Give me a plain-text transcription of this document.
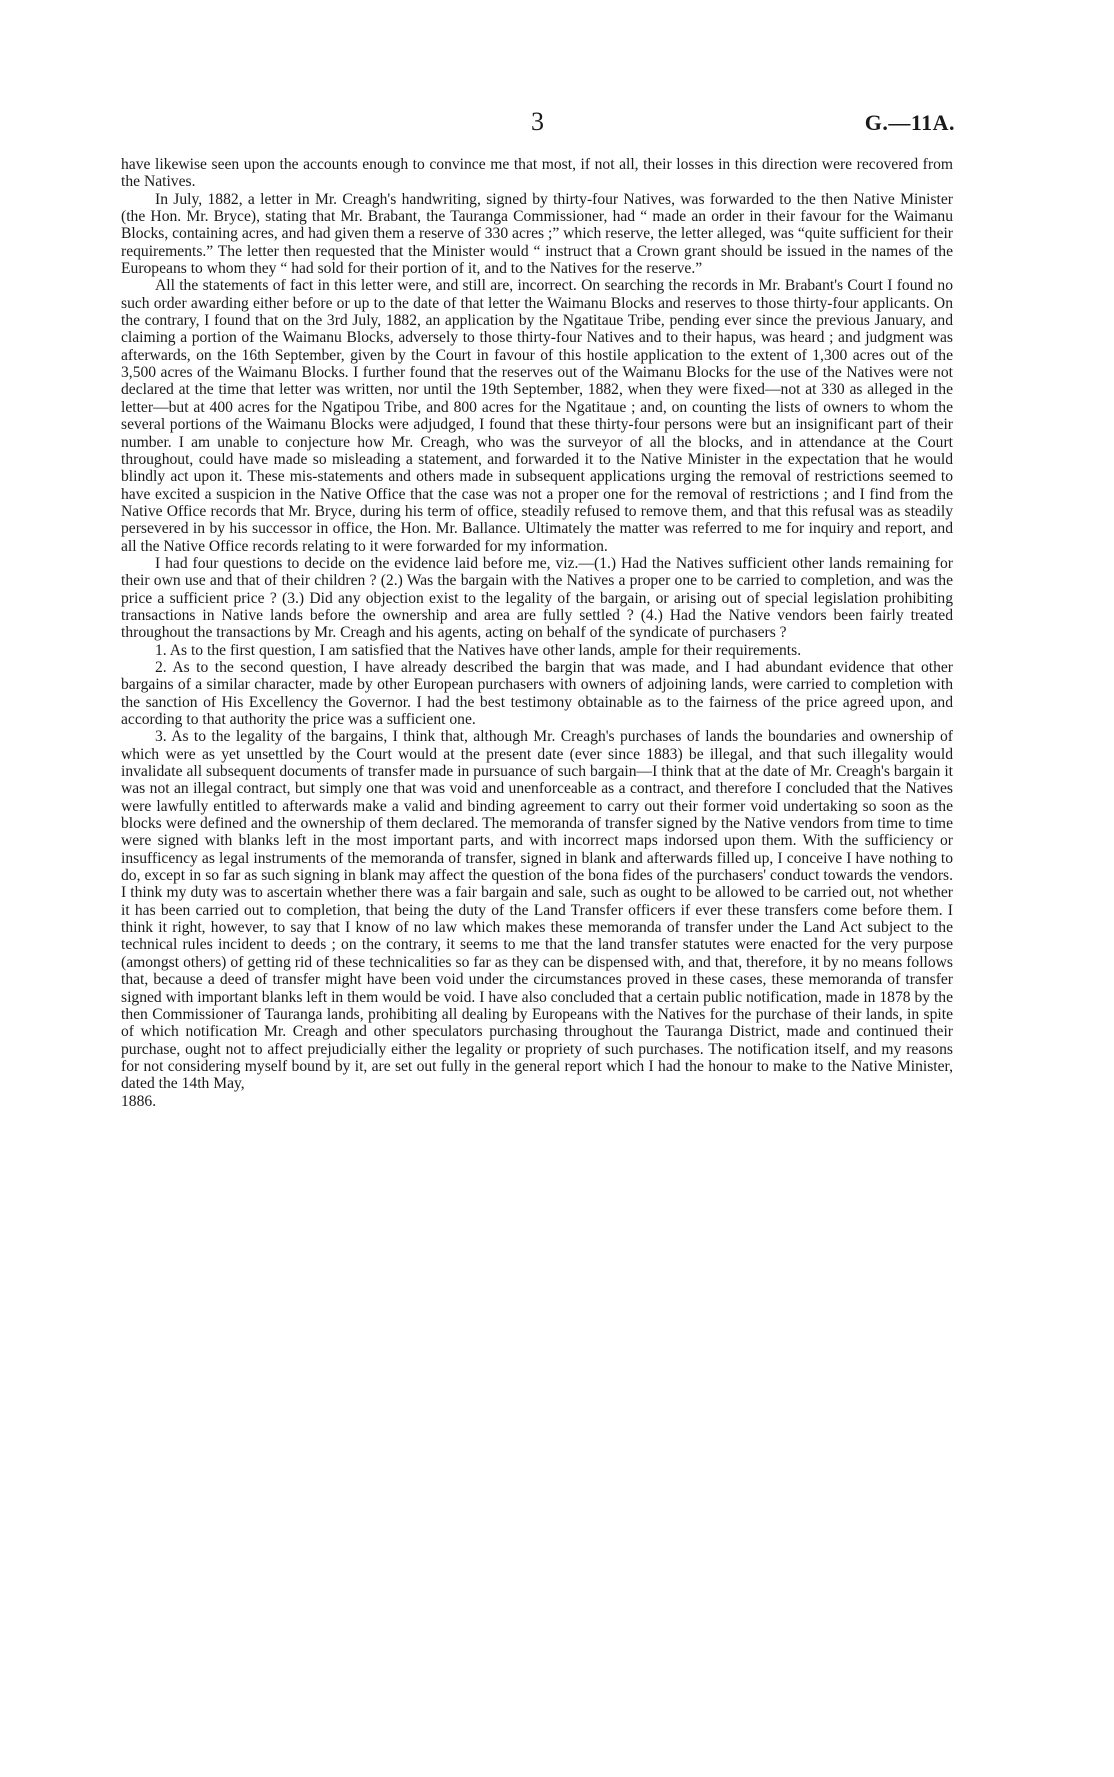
3	G.—11A.

have likewise seen upon the accounts enough to convince me that most, if not all, their losses in this direction were recovered from the Natives.

In July, 1882, a letter in Mr. Creagh's handwriting, signed by thirty-four Natives, was forwarded to the then Native Minister (the Hon. Mr. Bryce), stating that Mr. Brabant, the Tauranga Commissioner, had “ made an order in their favour for the Waimanu Blocks, containing acres, and had given them a reserve of 330 acres ;” which reserve, the letter alleged, was “quite sufficient for their requirements.” The letter then requested that the Minister would “ instruct that a Crown grant should be issued in the names of the Europeans to whom they “ had sold for their portion of it, and to the Natives for the reserve.”

All the statements of fact in this letter were, and still are, incorrect. On searching the records in Mr. Brabant's Court I found no such order awarding either before or up to the date of that letter the Waimanu Blocks and reserves to those thirty-four applicants. On the contrary, I found that on the 3rd July, 1882, an application by the Ngatitaue Tribe, pending ever since the previous January, and claiming a portion of the Waimanu Blocks, adversely to those thirty-four Natives and to their hapus, was heard ; and judgment was afterwards, on the 16th September, given by the Court in favour of this hostile application to the extent of 1,300 acres out of the 3,500 acres of the Waimanu Blocks. I further found that the reserves out of the Waimanu Blocks for the use of the Natives were not declared at the time that letter was written, nor until the 19th September, 1882, when they were fixed—not at 330 as alleged in the letter—but at 400 acres for the Ngatipou Tribe, and 800 acres for the Ngatitaue ; and, on counting the lists of owners to whom the several portions of the Waimanu Blocks were adjudged, I found that these thirty-four persons were but an insignificant part of their number. I am unable to conjecture how Mr. Creagh, who was the surveyor of all the blocks, and in attendance at the Court throughout, could have made so misleading a statement, and forwarded it to the Native Minister in the expectation that he would blindly act upon it. These mis-statements and others made in subsequent applications urging the removal of restrictions seemed to have excited a suspicion in the Native Office that the case was not a proper one for the removal of restrictions ; and I find from the Native Office records that Mr. Bryce, during his term of office, steadily refused to remove them, and that this refusal was as steadily persevered in by his successor in office, the Hon. Mr. Ballance. Ultimately the matter was referred to me for inquiry and report, and all the Native Office records relating to it were forwarded for my information.

I had four questions to decide on the evidence laid before me, viz.—(1.) Had the Natives sufficient other lands remaining for their own use and that of their children ? (2.) Was the bargain with the Natives a proper one to be carried to completion, and was the price a sufficient price ? (3.) Did any objection exist to the legality of the bargain, or arising out of special legislation prohibiting transactions in Native lands before the ownership and area are fully settled ? (4.) Had the Native vendors been fairly treated throughout the transactions by Mr. Creagh and his agents, acting on behalf of the syndicate of purchasers ?

1. As to the first question, I am satisfied that the Natives have other lands, ample for their requirements.

2. As to the second question, I have already described the bargin that was made, and I had abundant evidence that other bargains of a similar character, made by other European purchasers with owners of adjoining lands, were carried to completion with the sanction of His Excellency the Governor. I had the best testimony obtainable as to the fairness of the price agreed upon, and according to that authority the price was a sufficient one.

3. As to the legality of the bargains, I think that, although Mr. Creagh's purchases of lands the boundaries and ownership of which were as yet unsettled by the Court would at the present date (ever since 1883) be illegal, and that such illegality would invalidate all subsequent documents of transfer made in pursuance of such bargain—I think that at the date of Mr. Creagh's bargain it was not an illegal contract, but simply one that was void and unenforceable as a contract, and therefore I concluded that the Natives were lawfully entitled to afterwards make a valid and binding agreement to carry out their former void undertaking so soon as the blocks were defined and the ownership of them declared. The memoranda of transfer signed by the Native vendors from time to time were signed with blanks left in the most important parts, and with incorrect maps indorsed upon them. With the sufficiency or insufficency as legal instruments of the memoranda of transfer, signed in blank and afterwards filled up, I conceive I have nothing to do, except in so far as such signing in blank may affect the question of the bona fides of the purchasers' conduct towards the vendors. I think my duty was to ascertain whether there was a fair bargain and sale, such as ought to be allowed to be carried out, not whether it has been carried out to completion, that being the duty of the Land Transfer officers if ever these transfers come before them. I think it right, however, to say that I know of no law which makes these memoranda of transfer under the Land Act subject to the technical rules incident to deeds ; on the contrary, it seems to me that the land transfer statutes were enacted for the very purpose (amongst others) of getting rid of these technicalities so far as they can be dispensed with, and that, therefore, it by no means follows that, because a deed of transfer might have been void under the circumstances proved in these cases, these memoranda of transfer signed with important blanks left in them would be void. I have also concluded that a certain public notification, made in 1878 by the then Commissioner of Tauranga lands, prohibiting all dealing by Europeans with the Natives for the purchase of their lands, in spite of which notification Mr. Creagh and other speculators purchasing throughout the Tauranga District, made and continued their purchase, ought not to affect prejudicially either the legality or propriety of such purchases. The notification itself, and my reasons for not considering myself bound by it, are set out fully in the general report which I had the honour to make to the Native Minister, dated the 14th May,

1886.
